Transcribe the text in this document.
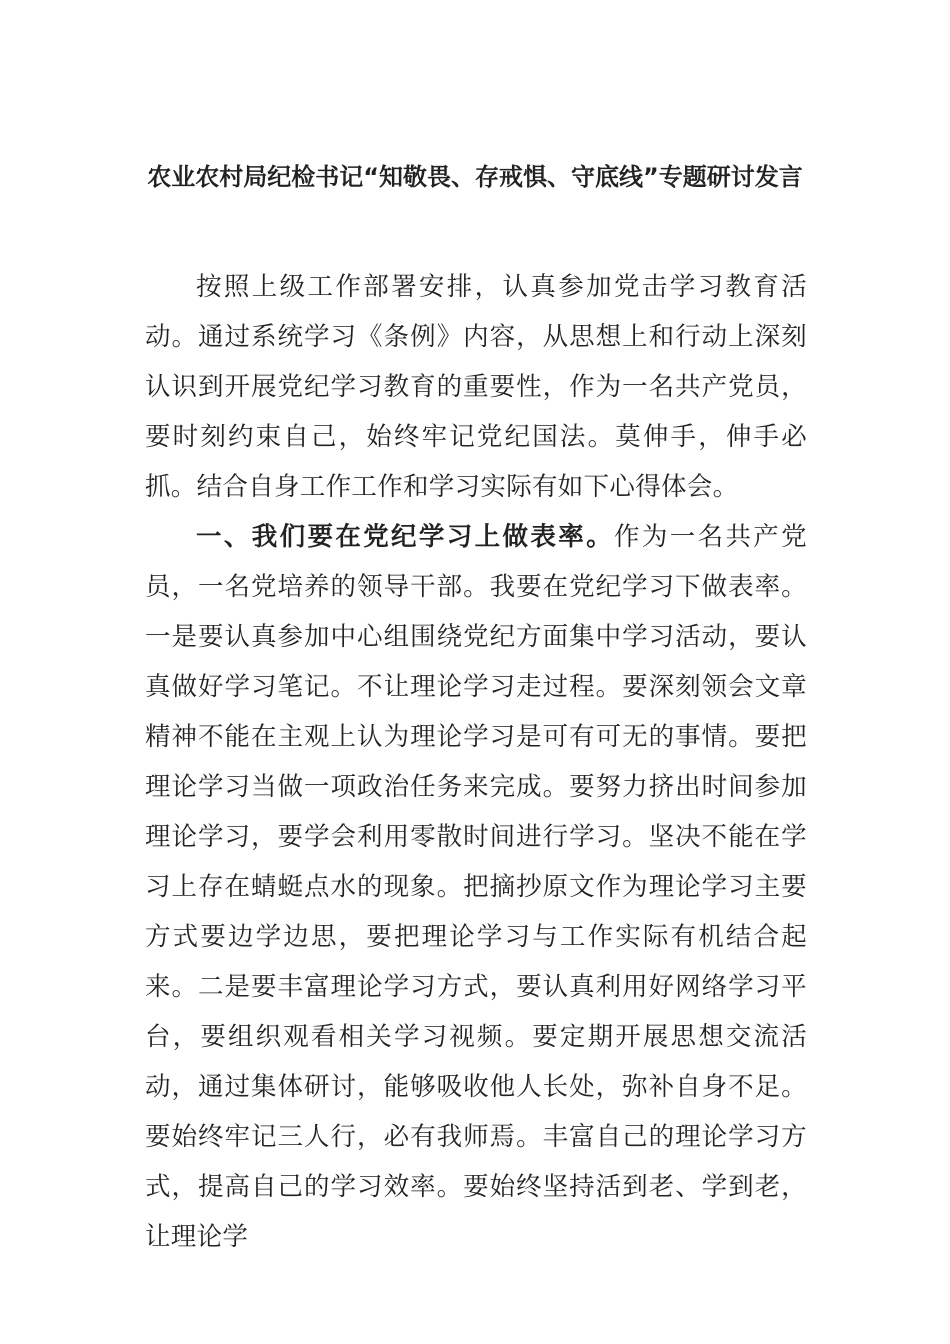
农业农村局纪检书记“知敬畏、存戒惧、守底线”专题研讨发言

按照上级工作部署安排，认真参加党击学习教育活动。通过系统学习《条例》内容，从思想上和行动上深刻认识到开展党纪学习教育的重要性，作为一名共产党员，要时刻约束自己，始终牢记党纪国法。莫伸手，伸手必抓。结合自身工作工作和学习实际有如下心得体会。

一、我们要在党纪学习上做表率。作为一名共产党员，一名党培养的领导干部。我要在党纪学习下做表率。一是要认真参加中心组围绕党纪方面集中学习活动，要认真做好学习笔记。不让理论学习走过程。要深刻领会文章精神不能在主观上认为理论学习是可有可无的事情。要把理论学习当做一项政治任务来完成。要努力挤出时间参加理论学习，要学会利用零散时间进行学习。坚决不能在学习上存在蜻蜓点水的现象。把摘抄原文作为理论学习主要方式要边学边思，要把理论学习与工作实际有机结合起来。二是要丰富理论学习方式，要认真利用好网络学习平台，要组织观看相关学习视频。要定期开展思想交流活动，通过集体研讨，能够吸收他人长处，弥补自身不足。要始终牢记三人行，必有我师焉。丰富自己的理论学习方式，提高自己的学习效率。要始终坚持活到老、学到老，让理论学
